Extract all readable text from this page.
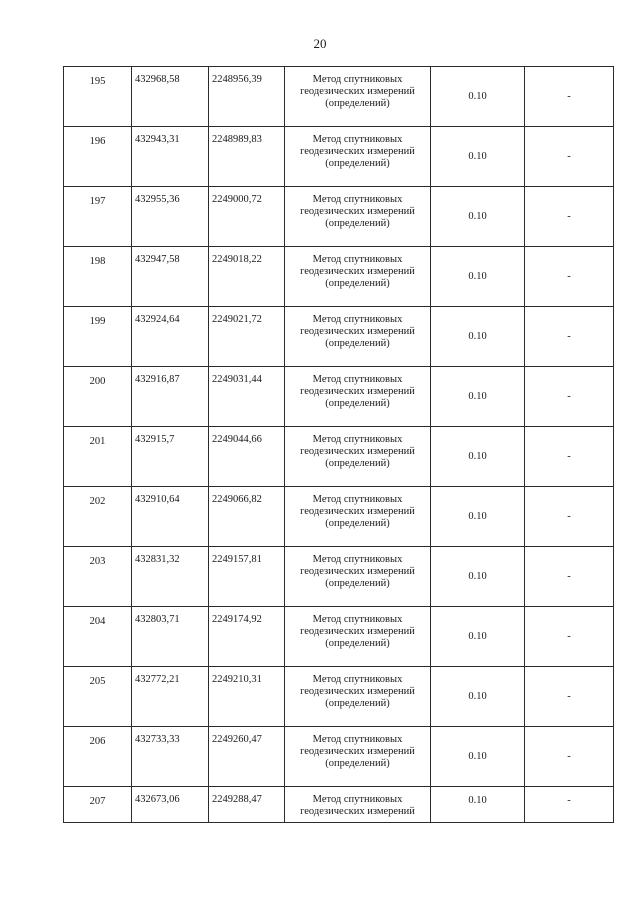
20
195	432968,58	2248956,39	Метод спутниковых
геодезических измерений
(определений)	0.10	-
196	432943,31	2248989,83	Метод спутниковых
геодезических измерений
(определений)	0.10	-
197	432955,36	2249000,72	Метод спутниковых
геодезических измерений
(определений)	0.10	-
198	432947,58	2249018,22	Метод спутниковых
геодезических измерений
(определений)	0.10	-
199	432924,64	2249021,72	Метод спутниковых
геодезических измерений
(определений)	0.10	-
200	432916,87	2249031,44	Метод спутниковых
геодезических измерений
(определений)	0.10	-
201	432915,7	2249044,66	Метод спутниковых
геодезических измерений
(определений)	0.10	-
202	432910,64	2249066,82	Метод спутниковых
геодезических измерений
(определений)	0.10	-
203	432831,32	2249157,81	Метод спутниковых
геодезических измерений
(определений)	0.10	-
204	432803,71	2249174,92	Метод спутниковых
геодезических измерений
(определений)	0.10	-
205	432772,21	2249210,31	Метод спутниковых
геодезических измерений
(определений)	0.10	-
206	432733,33	2249260,47	Метод спутниковых
геодезических измерений
(определений)	0.10	-
207	432673,06	2249288,47	Метод спутниковых
геодезических измерений	0.10	-
